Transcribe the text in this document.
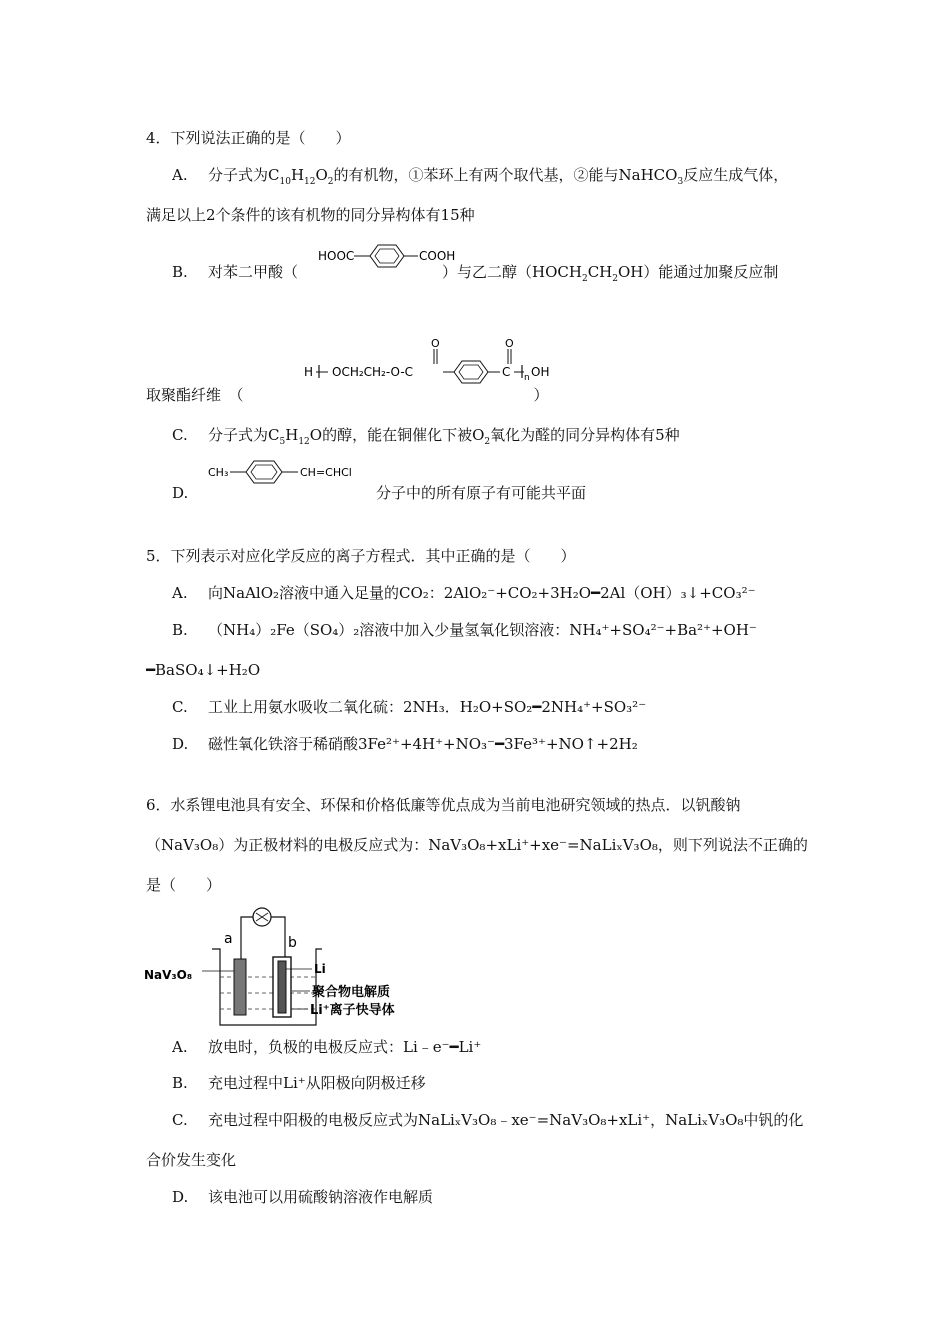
4．下列说法正确的是（　　）
A. 分子式为$C_{10}H_{12}O_2$的有机物，①苯环上有两个取代基，②能与NaHCO$_3$反应生成气体，
满足以上2个条件的该有机物的同分异构体有15种
B. 对苯二甲酸（	）与乙二醇$(HOCH_2CH_2OH)$能通过加聚反应制
HOOC	COOH
取聚酯纤维　（	）
H OCH₂CH₂-O-C
O
C
O
n OH
C. 分子式为$C_5H_{12}O$的醇，能在铜催化下被$O_2$氧化为醛的同分异构体有5种
D.	分子中的所有原子有可能共平面
CH₃	CH=CHCl
5．下列表示对应化学反应的离子方程式．其中正确的是（　　）
A. 向NaAlO₂溶液中通入足量的CO₂：2AlO₂⁻+CO₂+3H₂O━2Al（OH）₃↓+CO₃²⁻
B. （NH₄）₂Fe（SO₄）₂溶液中加入少量氢氧化钡溶液：NH₄⁺+SO₄²⁻+Ba²⁺+OH⁻
━BaSO₄↓+H₂O
C. 工业上用氨水吸收二氧化硫：2NH₃．H₂O+SO₂━2NH₄⁺+SO₃²⁻
D. 磁性氧化铁溶于稀硝酸3Fe²⁺+4H⁺+NO₃⁻━3Fe³⁺+NO↑+2H₂
6．水系锂电池具有安全、环保和价格低廉等优点成为当前电池研究领域的热点．以钒酸钠
（NaV₃O₈）为正极材料的电极反应式为：NaV₃O₈+xLi⁺+xe⁻=NaLiₓV₃O₈，则下列说法不正确的
是（　　）
a	b
NaV₃O₈	Li
聚合物电解质
Li⁺离子快导体
A. 放电时，负极的电极反应式：Li﹣e⁻━Li⁺
B. 充电过程中Li⁺从阳极向阴极迁移
C. 充电过程中阳极的电极反应式为NaLiₓV₃O₈﹣xe⁻=NaV₃O₈+xLi⁺，NaLiₓV₃O₈中钒的化
合价发生变化
D. 该电池可以用硫酸钠溶液作电解质
